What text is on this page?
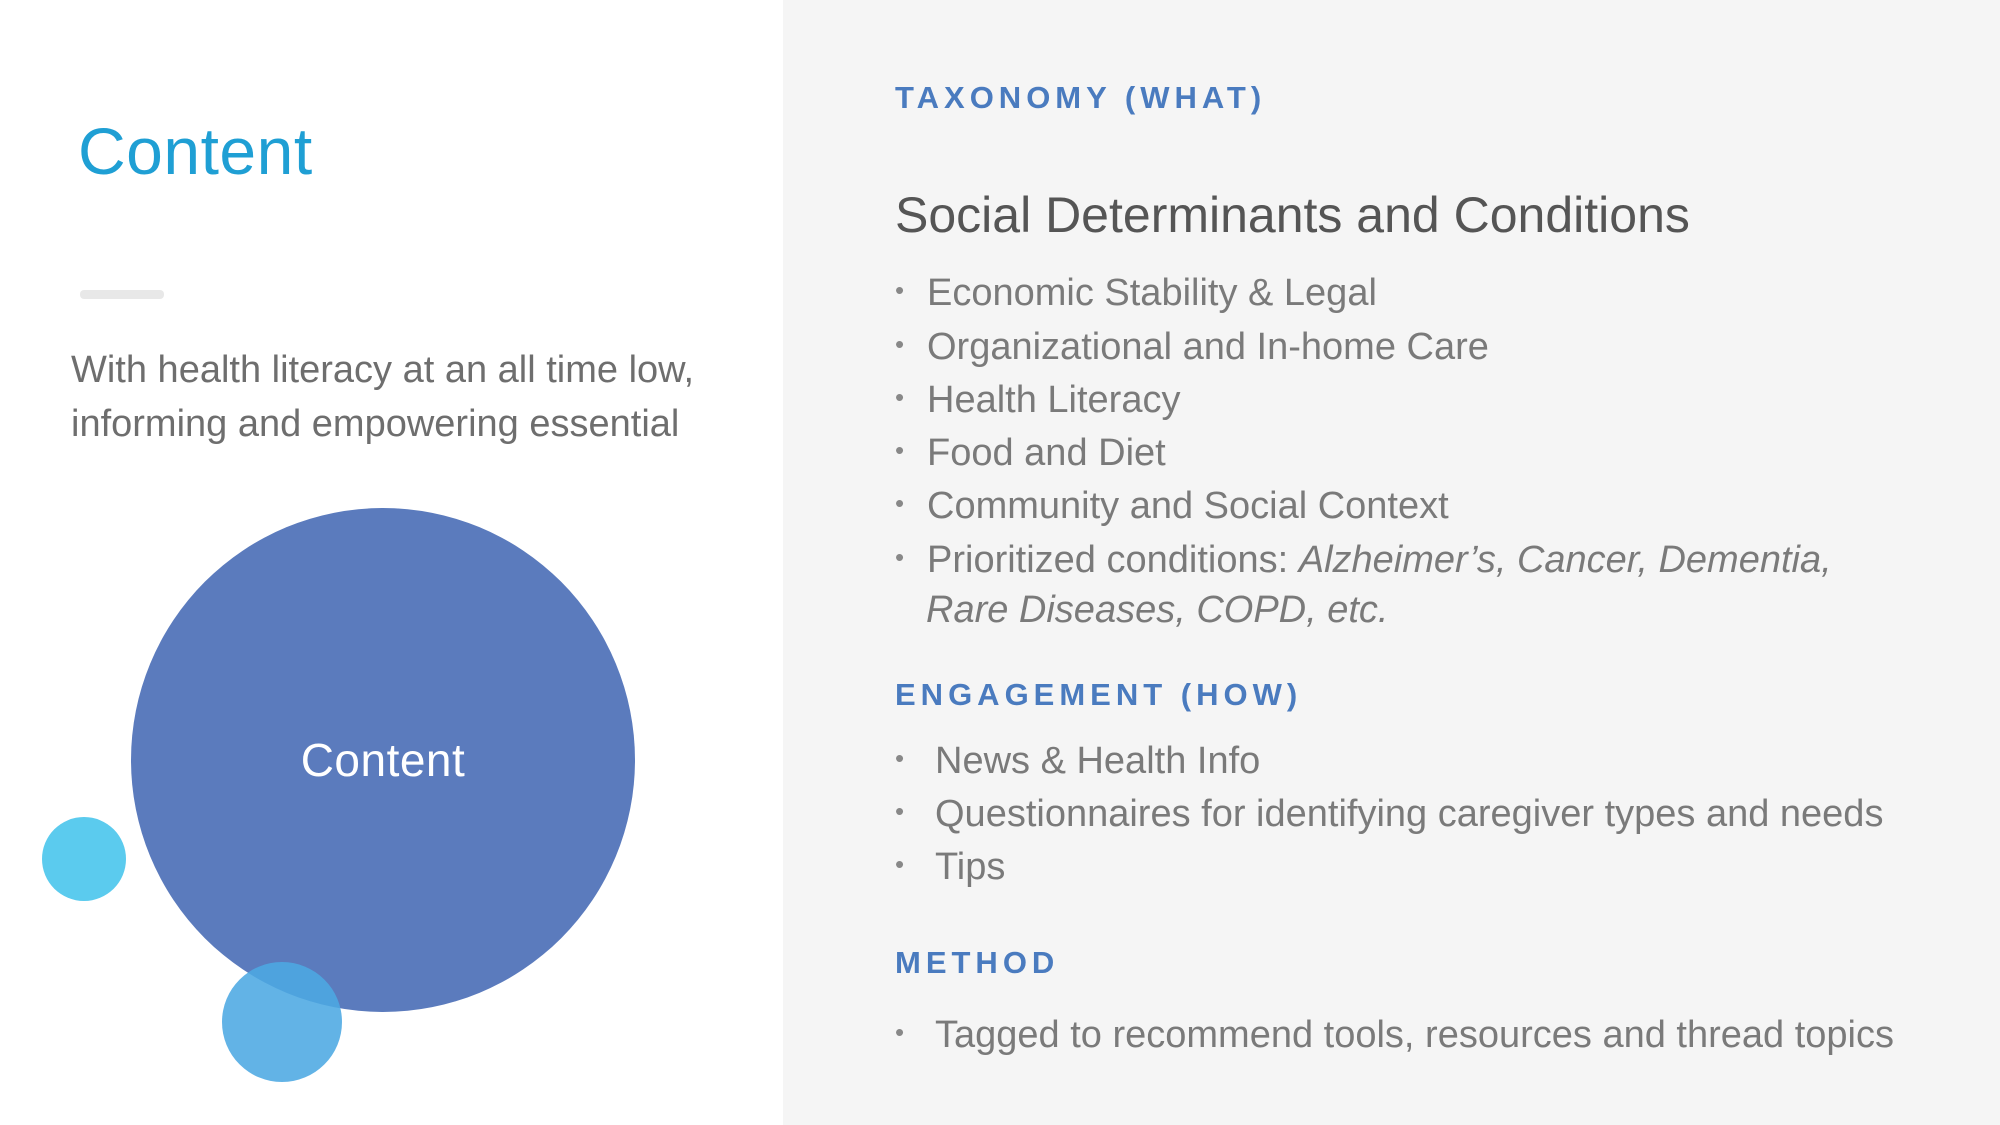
Content
With health literacy at an all time low,
informing and empowering essential
Content
TAXONOMY (WHAT)
Social Determinants and Conditions
• Economic Stability & Legal
• Organizational and In-home Care
• Health Literacy
• Food and Diet
• Community and Social Context
• Prioritized conditions: Alzheimer’s, Cancer, Dementia,
Rare Diseases, COPD, etc.
ENGAGEMENT (HOW)
• News & Health Info
• Questionnaires for identifying caregiver types and needs
• Tips
METHOD
• Tagged to recommend tools, resources and thread topics
